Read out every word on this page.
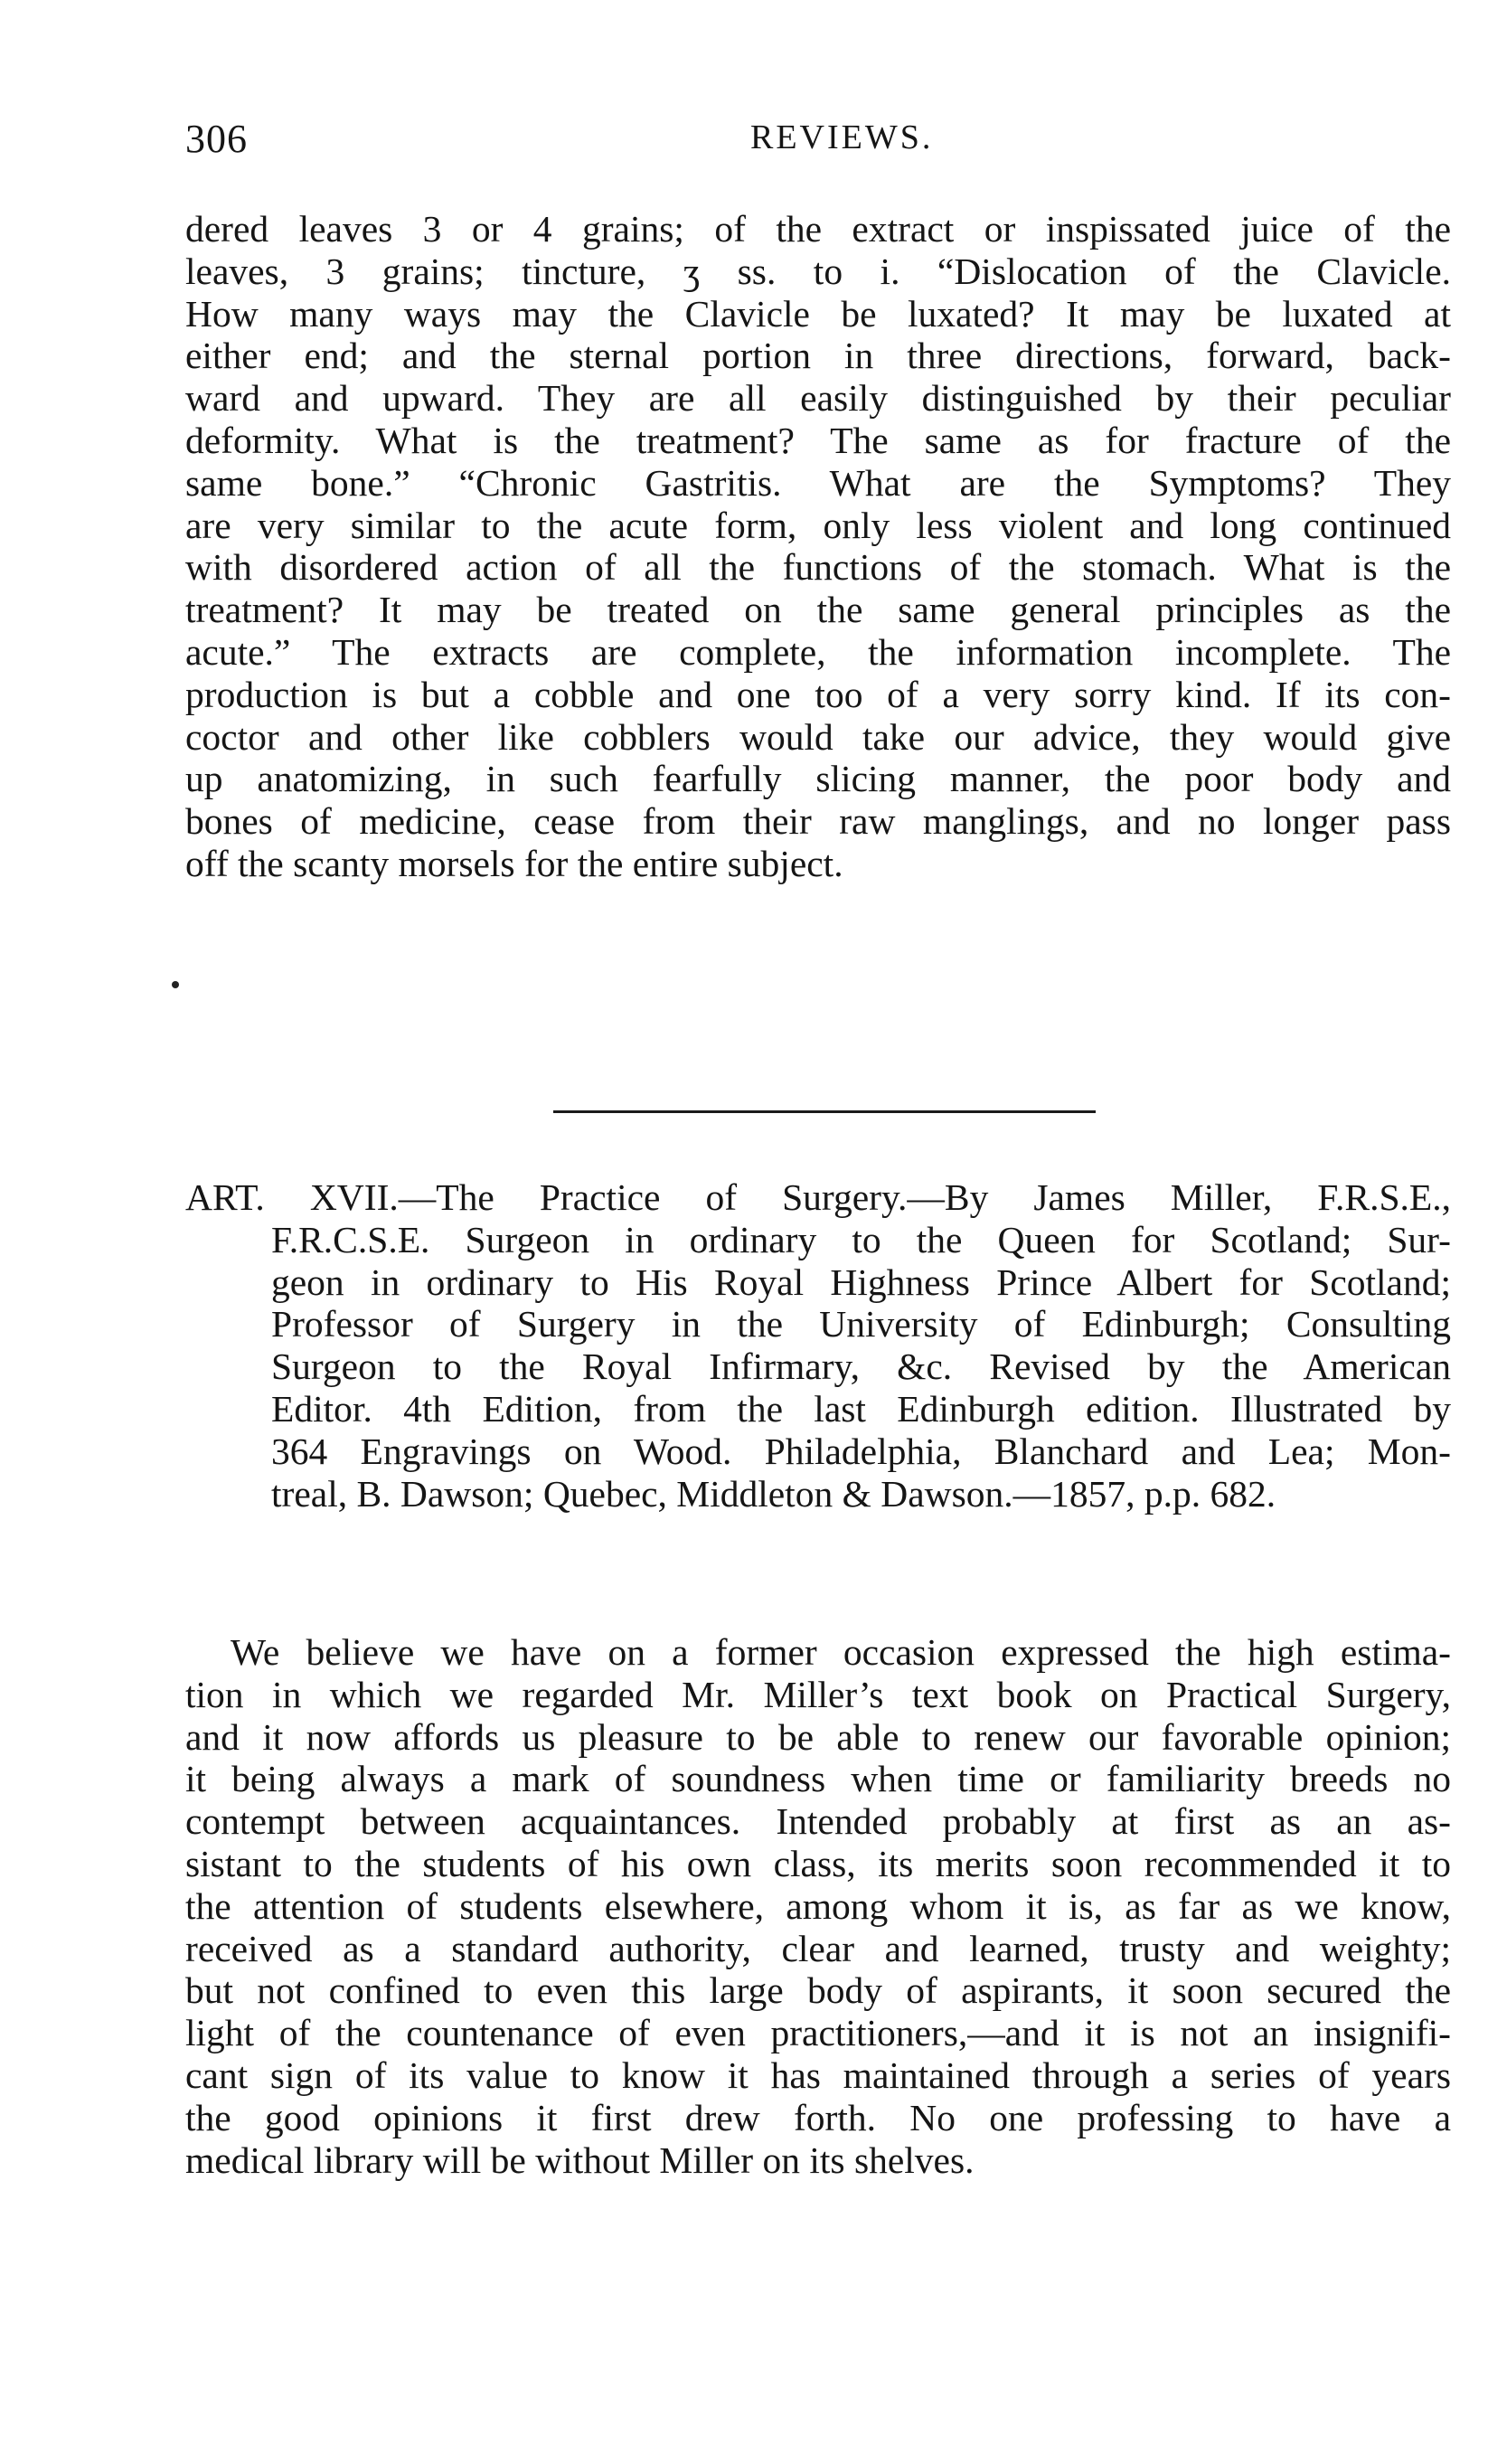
306	REVIEWS.
dered leaves 3 or 4 grains; of the extract or inspissated juice of the
leaves, 3 grains; tincture, ʒ ss. to i. “Dislocation of the Clavicle.
How many ways may the Clavicle be luxated? It may be luxated at
either end; and the sternal portion in three directions, forward, back-
ward and upward. They are all easily distinguished by their peculiar
deformity. What is the treatment? The same as for fracture of the
same bone.” “Chronic Gastritis. What are the Symptoms? They
are very similar to the acute form, only less violent and long continued
with disordered action of all the functions of the stomach. What is the
treatment? It may be treated on the same general principles as the
acute.” The extracts are complete, the information incomplete. The
production is but a cobble and one too of a very sorry kind. If its con-
coctor and other like cobblers would take our advice, they would give
up anatomizing, in such fearfully slicing manner, the poor body and
bones of medicine, cease from their raw manglings, and no longer pass
off the scanty morsels for the entire subject.
ART. XVII.—The Practice of Surgery.—By James Miller, F.R.S.E.,
F.R.C.S.E. Surgeon in ordinary to the Queen for Scotland; Sur-
geon in ordinary to His Royal Highness Prince Albert for Scotland;
Professor of Surgery in the University of Edinburgh; Consulting
Surgeon to the Royal Infirmary, &c. Revised by the American
Editor. 4th Edition, from the last Edinburgh edition. Illustrated by
364 Engravings on Wood. Philadelphia, Blanchard and Lea; Mon-
treal, B. Dawson; Quebec, Middleton & Dawson.—1857, p.p. 682.
We believe we have on a former occasion expressed the high estima-
tion in which we regarded Mr. Miller’s text book on Practical Surgery,
and it now affords us pleasure to be able to renew our favorable opinion;
it being always a mark of soundness when time or familiarity breeds no
contempt between acquaintances. Intended probably at first as an as-
sistant to the students of his own class, its merits soon recommended it to
the attention of students elsewhere, among whom it is, as far as we know,
received as a standard authority, clear and learned, trusty and weighty;
but not confined to even this large body of aspirants, it soon secured the
light of the countenance of even practitioners,—and it is not an insignifi-
cant sign of its value to know it has maintained through a series of years
the good opinions it first drew forth. No one professing to have a
medical library will be without Miller on its shelves.
